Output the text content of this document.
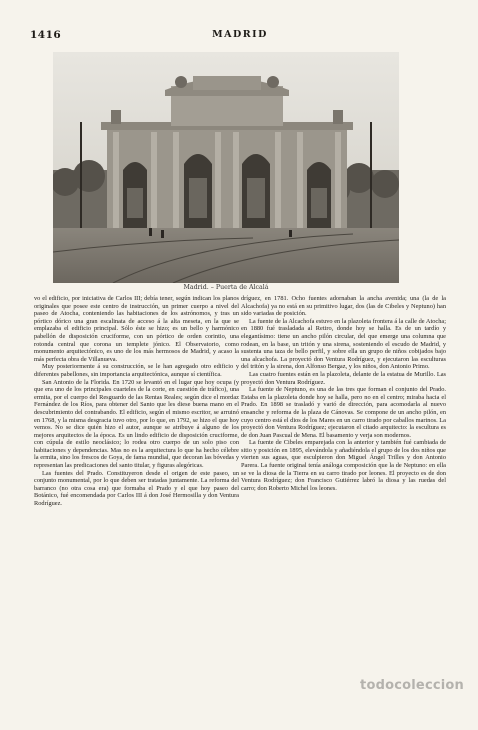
1416	MADRID
Madrid. – Puerta de Alcalá

vo el edificio, por iniciativa de Carlos III; debía tener, según indican los planos originales que posee este centro de instrucción, un primer cuerpo a nivel del paseo de Atocha, conteniendo las habitaciones de los astrónomos, y tras un pórtico dórico una gran escalinata de acceso á la alta meseta, en la que se emplazaba el edificio principal. Sólo éste se hizo; es un bello y harmónico pabellón de disposición cruciforme, con un pórtico de orden corintio, una rotonda central que corona un templete jónico. El Observatorio, como monumento arquitectónico, es uno de los más hermosos de Madrid, y acaso la más perfecta obra de Villanueva.

Muy posteriormente á su construcción, se le han agregado otro edificio y diferentes pabellones, sin importancia arquitectónica, aunque sí científica.

San Antonio de la Florida. En 1720 se levantó en el lugar que hoy ocupa (y que era uno de los principales cuarteles de la corte, en cuestión de tráfico), una ermita, por el cuerpo del Resguardo de las Rentas Reales; según dice el mordaz Fernández de los Ríos, para obtener del Santo que les diese buena mano en el descubrimiento del contrabando. El edificio, según el mismo escritor, se arruinó en 1768, y la misma desgracia tuvo otro, por lo que, en 1792, se hizo el que hoy vemos. No se dice quién hizo el autor, aunque se atribuye á alguno de los mejores arquitectos de la época. Es un lindo edificio de disposición cruciforme, con cúpula de estilo neoclásico; lo rodea otro cuerpo de un solo piso con habitaciones y dependencias. Mas no es la arquitectura lo que ha hecho célebre la ermita, sino los frescos de Goya, de fama mundial, que decoran las bóvedas y representan las predicaciones del santo titular, y figuras alegóricas.

Las fuentes del Prado. Constituyeron desde el origen de este paseo, un conjunto monumental, por lo que deben ser tratadas juntamente. La reforma del barranco (no otra cosa era) que formaba el Prado y el que hoy paseo del Botánico, fué encomendada por Carlos III á don José Hermosilla y don Ventura Rodríguez.

dríguez, en 1781. Ocho fuentes adornaban la ancha avenida; una (la de la Alcachofa) ya no está en su primitivo lugar, dos (las de Cibeles y Neptuno) han sido variadas de posición.

La fuente de la Alcachofa estuvo en la plazoleta frontera á la calle de Atocha; en 1880 fué trasladada al Retiro, donde hoy se halla. Es de un tardío y elegantísimo: tiene un ancho pilón circular, del que emerge una columna que rodean, en la base, un tritón y una sirena, sosteniendo el escudo de Madrid, y sustenta una taza de bello perfil, y sobre ella un grupo de niños cobijados bajo una alcachofa. La proyectó don Ventura Rodríguez, y ejecutaron las esculturas del tritón y la sirena, don Alfonso Bergaz, y los niños, don Antonio Primo.

Las cuatro fuentes están en la plazoleta, delante de la estatua de Murillo. Las proyectó don Ventura Rodríguez.

La fuente de Neptuno, es una de las tres que forman el conjunto del Prado. Estaba en la plazoleta donde hoy se halla, pero no en el centro; miraba hacia el Prado. En 1898 se trasladó y varió de dirección, para acomodarla al nuevo ensanche y reforma de la plaza de Cánovas. Se compone de un ancho pilón, en cuyo centro está el dios de los Mares en un carro tirado por caballos marinos. La proyectó don Ventura Rodríguez; ejecutaron el citado arquitecto: la escultura es de don Juan Pascual de Mena. El basamento y verja son modernos.

La fuente de Cibeles emparejada con la anterior y también fué cambiada de sitio y posición en 1895, elevándola y añadiéndola el grupo de los dos niños que vierten sus aguas, que esculpieron don Miguel Ángel Trilles y don Antonio Parera. La fuente original tenía análoga composición que la de Neptuno: en ella se ve la diosa de la Tierra en su carro tirado por leones. El proyecto es de don Ventura Rodríguez; don Francisco Gutiérrez labró la diosa y las ruedas del carro; don Roberto Michel los leones.

todocoleccion
